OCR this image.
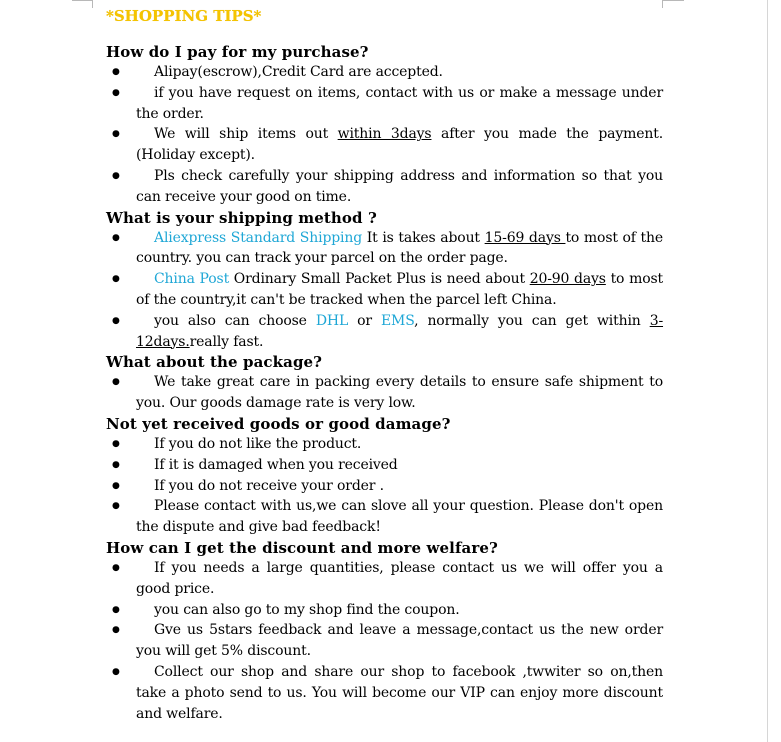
*SHOPPING TIPS*
How do I pay for my purchase?
● Alipay(escrow),Credit Card are accepted.
● if you have request on items, contact with us or make a message under the order.
● We will ship items out within 3days after you made the payment.(Holiday except).
● Pls check carefully your shipping address and information so that you can receive your good on time.
What is your shipping method ?
● Aliexpress Standard Shipping It is takes about 15-69 days to most of the country. you can track your parcel on the order page.
● China Post Ordinary Small Packet Plus is need about 20-90 days to most of the country,it can't be tracked when the parcel left China.
● you also can choose DHL or EMS, normally you can get within 3-12days.really fast.
What about the package?
● We take great care in packing every details to ensure safe shipment to you. Our goods damage rate is very low.
Not yet received goods or good damage?
● If you do not like the product.
● If it is damaged when you received
● If you do not receive your order .
● Please contact with us,we can slove all your question. Please don't open the dispute and give bad feedback!
How can I get the discount and more welfare?
● If you needs a large quantities, please contact us we will offer you a good price.
● you can also go to my shop find the coupon.
● Gve us 5stars feedback and leave a message,contact us the new order you will get 5% discount.
● Collect our shop and share our shop to facebook ,twwiter so on,then take a photo send to us. You will become our VIP can enjoy more discount and welfare.
